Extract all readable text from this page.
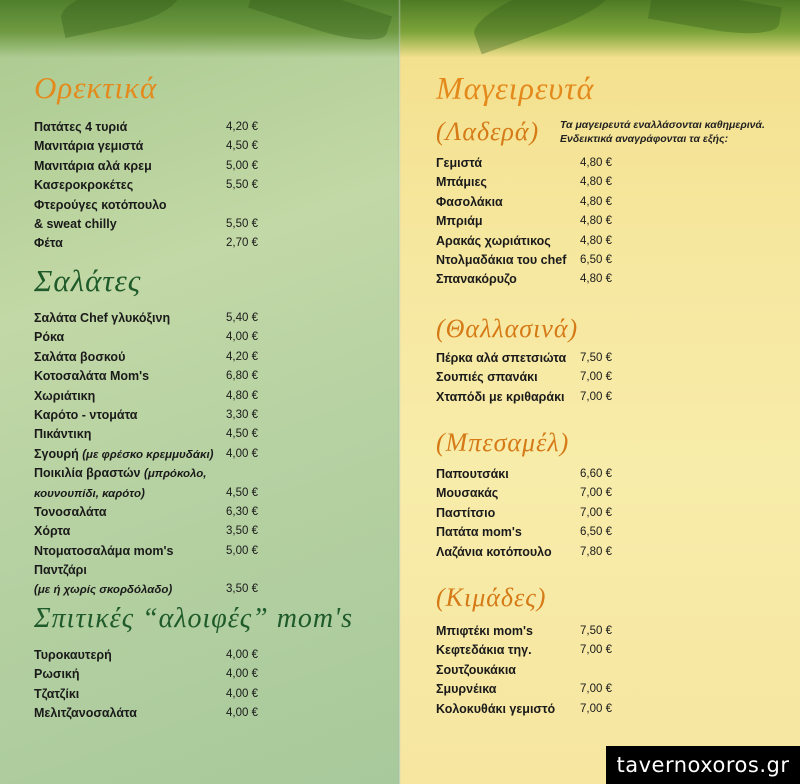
Ορεκτικά
Πατάτες 4 τυριά	4,20 €
Μανιτάρια γεμιστά	4,50 €
Μανιτάρια αλά κρεμ	5,00 €
Κασεροκροκέτες	5,50 €
Φτερούγες κοτόπουλο
& sweat chilly	5,50 €
Φέτα	2,70 €
Σαλάτες
Σαλάτα Chef γλυκόξινη	5,40 €
Ρόκα	4,00 €
Σαλάτα βοσκού	4,20 €
Κοτοσαλάτα Mom's	6,80 €
Χωριάτικη	4,80 €
Καρότο - ντομάτα	3,30 €
Πικάντικη	4,50 €
Σγουρή (με φρέσκο κρεμμυδάκι) 4,00 €
Ποικιλία βραστών (μπρόκολο,
κουνουπίδι, καρότο)	4,50 €
Τονοσαλάτα	6,30 €
Χόρτα	3,50 €
Ντοματοσαλάμα mom's	5,00 €
Παντζάρι
(με ή χωρίς σκορδόλαδο)	3,50 €
Σπιτικές “αλοιφές” mom's
Τυροκαυτερή	4,00 €
Ρωσική	4,00 €
Τζατζίκι	4,00 €
Μελιτζανοσαλάτα	4,00 €
Μαγειρευτά
(Λαδερά) Τα μαγειρευτά εναλλάσονται καθημερινά. Ενδεικτικά αναγράφονται τα εξής:
Γεμιστά	4,80 €
Μπάμιες	4,80 €
Φασολάκια	4,80 €
Μπριάμ	4,80 €
Αρακάς χωριάτικος	4,80 €
Ντολμαδάκια του chef 6,50 €
Σπανακόρυζο	4,80 €
(Θαλλασινά)
Πέρκα αλά σπετσιώτα 7,50 €
Σουπιές σπανάκι	7,00 €
Χταπόδι με κριθαράκι 7,00 €
(Μπεσαμέλ)
Παπουτσάκι	6,60 €
Μουσακάς	7,00 €
Παστίτσιο	7,00 €
Πατάτα mom's	6,50 €
Λαζάνια κοτόπουλο 7,80 €
(Κιμάδες)
Μπιφτέκι mom's	7,50 €
Κεφτεδάκια τηγ.	7,00 €
Σουτζουκάκια
Σμυρνέικα	7,00 €
Κολοκυθάκι γεμιστό 7,00 €
tavernoxoros.gr
